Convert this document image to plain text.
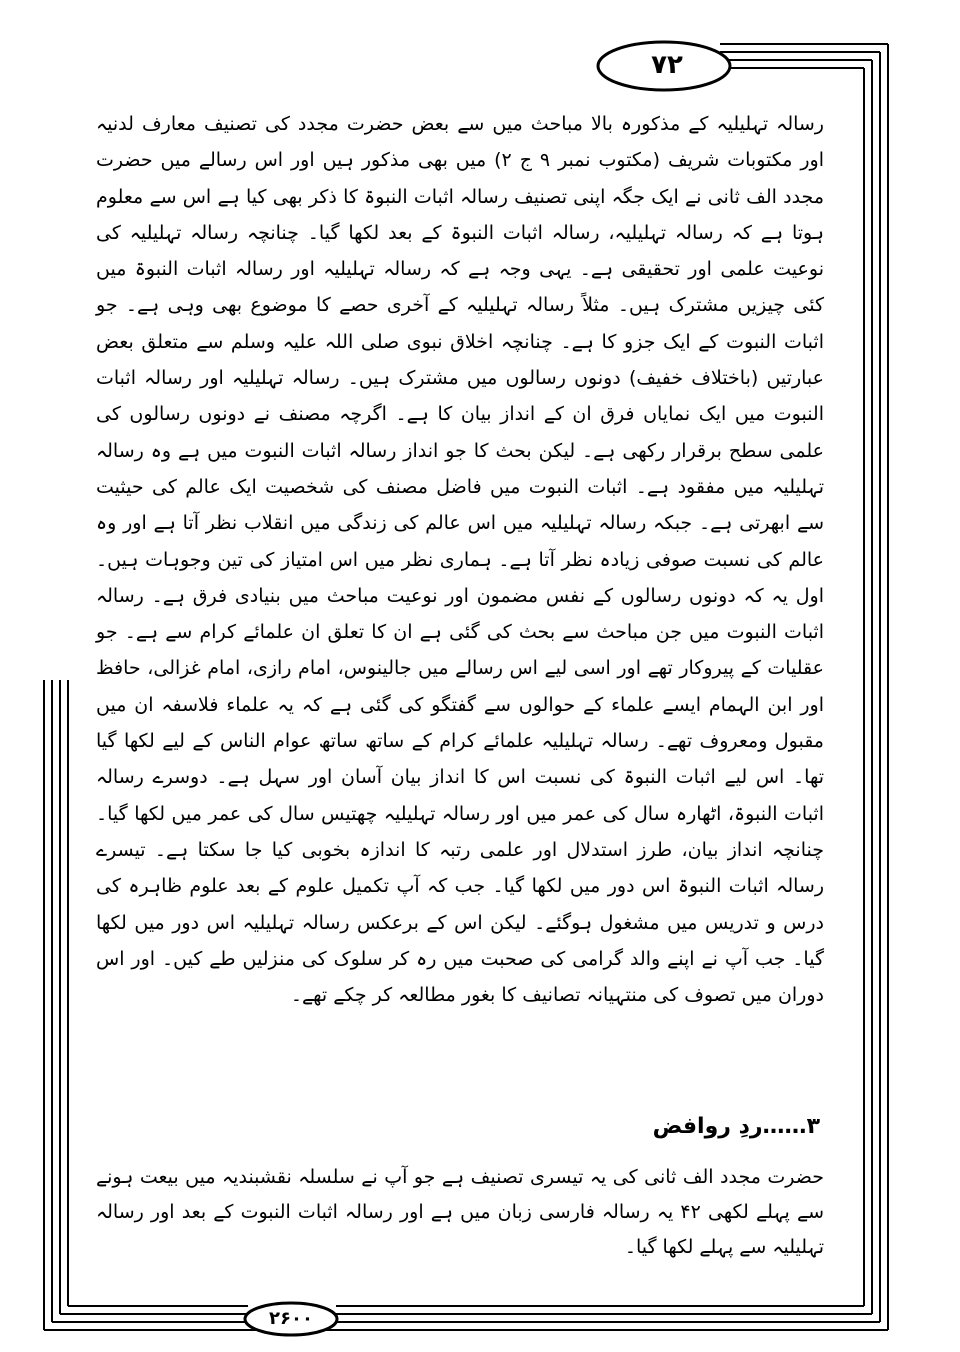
۷۲

رسالہ تہلیلیہ کے مذکورہ بالا مباحث میں سے بعض حضرت مجدد کی تصنیف معارف لدنیہ اور مکتوبات شریف (مکتوب نمبر ۹ ج ۲) میں بھی مذکور ہیں اور اس رسالے میں حضرت مجدد الف ثانی نے ایک جگہ اپنی تصنیف رسالہ اثبات النبوۃ کا ذکر بھی کیا ہے اس سے معلوم ہوتا ہے کہ رسالہ تہلیلیہ، رسالہ اثبات النبوۃ کے بعد لکھا گیا۔ چنانچہ رسالہ تہلیلیہ کی نوعیت علمی اور تحقیقی ہے۔ یہی وجہ ہے کہ رسالہ تہلیلیہ اور رسالہ اثبات النبوۃ میں کئی چیزیں مشترک ہیں۔ مثلاً رسالہ تہلیلیہ کے آخری حصے کا موضوع بھی وہی ہے۔ جو اثبات النبوت کے ایک جزو کا ہے۔ چنانچہ اخلاق نبوی صلی اللہ علیہ وسلم سے متعلق بعض عبارتیں (باختلاف خفیف) دونوں رسالوں میں مشترک ہیں۔ رسالہ تہلیلیہ اور رسالہ اثبات النبوت میں ایک نمایاں فرق ان کے انداز بیان کا ہے۔ اگرچہ مصنف نے دونوں رسالوں کی علمی سطح برقرار رکھی ہے۔ لیکن بحث کا جو انداز رسالہ اثبات النبوت میں ہے وہ رسالہ تہلیلیہ میں مفقود ہے۔ اثبات النبوت میں فاضل مصنف کی شخصیت ایک عالم کی حیثیت سے ابھرتی ہے۔ جبکہ رسالہ تہلیلیہ میں اس عالم کی زندگی میں انقلاب نظر آتا ہے اور وہ عالم کی نسبت صوفی زیادہ نظر آتا ہے۔ ہماری نظر میں اس امتیاز کی تین وجوہات ہیں۔ اول یہ کہ دونوں رسالوں کے نفس مضمون اور نوعیت مباحث میں بنیادی فرق ہے۔ رسالہ اثبات النبوت میں جن مباحث سے بحث کی گئی ہے ان کا تعلق ان علمائے کرام سے ہے۔ جو عقلیات کے پیروکار تھے اور اسی لیے اس رسالے میں جالینوس، امام رازی، امام غزالی، حافظ اور ابن الہمام ایسے علماء کے حوالوں سے گفتگو کی گئی ہے کہ یہ علماء فلاسفہ ان میں مقبول ومعروف تھے۔ رسالہ تہلیلیہ علمائے کرام کے ساتھ ساتھ عوام الناس کے لیے لکھا گیا تھا۔ اس لیے اثبات النبوۃ کی نسبت اس کا انداز بیان آسان اور سہل ہے۔ دوسرے رسالہ اثبات النبوۃ، اٹھارہ سال کی عمر میں اور رسالہ تہلیلیہ چھتیس سال کی عمر میں لکھا گیا۔ چنانچہ انداز بیان، طرز استدلال اور علمی رتبہ کا اندازہ بخوبی کیا جا سکتا ہے۔ تیسرے رسالہ اثبات النبوۃ اس دور میں لکھا گیا۔ جب کہ آپ تکمیل علوم کے بعد علوم ظاہرہ کی درس و تدریس میں مشغول ہوگئے۔ لیکن اس کے برعکس رسالہ تہلیلیہ اس دور میں لکھا گیا۔ جب آپ نے اپنے والد گرامی کی صحبت میں رہ کر سلوک کی منزلیں طے کیں۔ اور اس دوران میں تصوف کی منتہیانہ تصانیف کا بغور مطالعہ کر چکے تھے۔

۳……ردِ روافض

حضرت مجدد الف ثانی کی یہ تیسری تصنیف ہے جو آپ نے سلسلہ نقشبندیہ میں بیعت ہونے سے پہلے لکھی ۴۲ یہ رسالہ فارسی زبان میں ہے اور رسالہ اثبات النبوت کے بعد اور رسالہ تہلیلیہ سے پہلے لکھا گیا۔

۲۶۰۰
